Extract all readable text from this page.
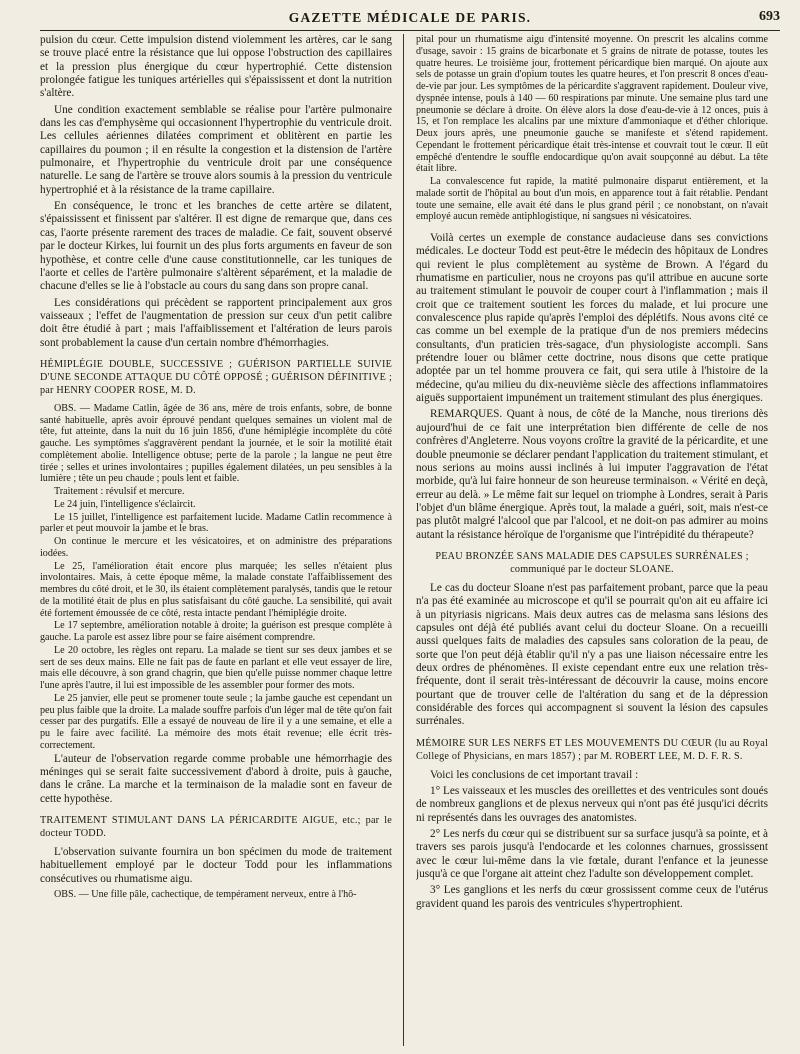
GAZETTE MÉDICALE DE PARIS.	693

pulsion du cœur. Cette impulsion distend violemment les artères, car le sang se trouve placé entre la résistance que lui oppose l'obstruction des capillaires et la pression plus énergique du cœur hypertrophié. Cette distension prolongée fatigue les tuniques artérielles qui s'épaississent et dont la nutrition s'altère.

Une condition exactement semblable se réalise pour l'artère pulmonaire dans les cas d'emphysème qui occasionnent l'hypertrophie du ventricule droit. Les cellules aériennes dilatées compriment et oblitèrent en partie les capillaires du poumon ; il en résulte la congestion et la distension de l'artère pulmonaire, et l'hypertrophie du ventricule droit par une conséquence naturelle. Le sang de l'artère se trouve alors soumis à la pression du ventricule hypertrophié et à la résistance de la trame capillaire.

En conséquence, le tronc et les branches de cette artère se dilatent, s'épaississent et finissent par s'altérer. Il est digne de remarque que, dans ces cas, l'aorte présente rarement des traces de maladie. Ce fait, souvent observé par le docteur Kirkes, lui fournit un des plus forts arguments en faveur de son hypothèse, et contre celle d'une cause constitutionnelle, car les tuniques de l'aorte et celles de l'artère pulmonaire s'altèrent séparément, et la maladie de chacune d'elles se lie à l'obstacle au cours du sang dans son propre canal.

Les considérations qui précèdent se rapportent principalement aux gros vaisseaux ; l'effet de l'augmentation de pression sur ceux d'un petit calibre doit être étudié à part ; mais l'affaiblissement et l'altération de leurs parois sont probablement la cause d'un certain nombre d'hémorrhagies.

HÉMIPLÉGIE DOUBLE, SUCCESSIVE ; GUÉRISON PARTIELLE SUIVIE D'UNE SECONDE ATTAQUE DU CÔTÉ OPPOSÉ ; GUÉRISON DÉFINITIVE ; par HENRY COOPER ROSE, M. D.

OBS. — Madame Catlin, âgée de 36 ans, mère de trois enfants, sobre, de bonne santé habituelle, après avoir éprouvé pendant quelques semaines un violent mal de tête, fut atteinte, dans la nuit du 16 juin 1856, d'une hémiplégie incomplète du côté gauche. Les symptômes s'aggravèrent pendant la journée, et le soir la motilité était complètement abolie. Intelligence obtuse; perte de la parole ; la langue ne peut être tirée ; selles et urines involontaires ; pupilles également dilatées, un peu sensibles à la lumière ; tête un peu chaude ; pouls lent et faible.

Traitement : révulsif et mercure.

Le 24 juin, l'intelligence s'éclaircit.

Le 15 juillet, l'intelligence est parfaitement lucide. Madame Catlin recommence à parler et peut mouvoir la jambe et le bras.

On continue le mercure et les vésicatoires, et on administre des préparations iodées.

Le 25, l'amélioration était encore plus marquée; les selles n'étaient plus involontaires. Mais, à cette époque même, la malade constate l'affaiblissement des membres du côté droit, et le 30, ils étaient complètement paralysés, tandis que le retour de la motilité était de plus en plus satisfaisant du côté gauche. La sensibilité, qui avait été fortement émoussée de ce côté, resta intacte pendant l'hémiplégie droite.

Le 17 septembre, amélioration notable à droite; la guérison est presque complète à gauche. La parole est assez libre pour se faire aisément comprendre.

Le 20 octobre, les règles ont reparu. La malade se tient sur ses deux jambes et se sert de ses deux mains. Elle ne fait pas de faute en parlant et elle veut essayer de lire, mais elle découvre, à son grand chagrin, que bien qu'elle puisse nommer chaque lettre l'une après l'autre, il lui est impossible de les assembler pour former des mots.

Le 25 janvier, elle peut se promener toute seule ; la jambe gauche est cependant un peu plus faible que la droite. La malade souffre parfois d'un léger mal de tête qu'on fait cesser par des purgatifs. Elle a essayé de nouveau de lire il y a une semaine, et elle a pu le faire avec facilité. La mémoire des mots était revenue; elle écrit très-correctement.

L'auteur de l'observation regarde comme probable une hémorrhagie des méninges qui se serait faite successivement d'abord à droite, puis à gauche, dans le crâne. La marche et la terminaison de la maladie sont en faveur de cette hypothèse.

TRAITEMENT STIMULANT DANS LA PÉRICARDITE AIGUE, etc.; par le docteur TODD.

L'observation suivante fournira un bon spécimen du mode de traitement habituellement employé par le docteur Todd pour les inflammations consécutives ou rhumatisme aigu.

OBS. — Une fille pâle, cachectique, de tempérament nerveux, entre à l'hô-

pital pour un rhumatisme aigu d'intensité moyenne. On prescrit les alcalins comme d'usage, savoir : 15 grains de bicarbonate et 5 grains de nitrate de potasse, toutes les quatre heures. Le troisième jour, frottement péricardique bien marqué. On ajoute aux sels de potasse un grain d'opium toutes les quatre heures, et l'on prescrit 8 onces d'eau-de-vie par jour. Les symptômes de la péricardite s'aggravent rapidement. Douleur vive, dyspnée intense, pouls à 140 — 60 respirations par minute. Une semaine plus tard une pneumonie se déclare à droite. On élève alors la dose d'eau-de-vie à 12 onces, puis à 15, et l'on remplace les alcalins par une mixture d'ammoniaque et d'éther chlorique. Deux jours après, une pneumonie gauche se manifeste et s'étend rapidement. Cependant le frottement péricardique était très-intense et couvrait tout le cœur. Il eût empêché d'entendre le souffle endocardique qu'on avait soupçonné au début. La tête était libre.

La convalescence fut rapide, la matité pulmonaire disparut entièrement, et la malade sortit de l'hôpital au bout d'un mois, en apparence tout à fait rétablie. Pendant toute une semaine, elle avait été dans le plus grand péril ; ce nonobstant, on n'avait employé aucun remède antiphlogistique, ni sangsues ni vésicatoires.

Voilà certes un exemple de constance audacieuse dans ses convictions médicales. Le docteur Todd est peut-être le médecin des hôpitaux de Londres qui revient le plus complètement au système de Brown. A l'égard du rhumatisme en particulier, nous ne croyons pas qu'il attribue en aucune sorte au traitement stimulant le pouvoir de couper court à l'inflammation ; mais il croit que ce traitement soutient les forces du malade, et lui procure une convalescence plus rapide qu'après l'emploi des déplétifs. Nous avons cité ce cas comme un bel exemple de la pratique d'un de nos premiers médecins consultants, d'un praticien très-sagace, d'un physiologiste accompli. Sans prétendre louer ou blâmer cette doctrine, nous disons que cette pratique adoptée par un tel homme prouvera ce fait, qui sera utile à l'histoire de la médecine, qu'au milieu du dix-neuvième siècle des affections inflammatoires aiguës supportaient impunément un traitement stimulant des plus énergiques.

REMARQUES. Quant à nous, de côté de la Manche, nous tirerions dès aujourd'hui de ce fait une interprétation bien différente de celle de nos confrères d'Angleterre. Nous voyons croître la gravité de la péricardite, et une double pneumonie se déclarer pendant l'application du traitement stimulant, et nous serions au moins aussi inclinés à lui imputer l'aggravation de l'état morbide, qu'à lui faire honneur de son heureuse terminaison. « Vérité en deçà, erreur au delà. » Le même fait sur lequel on triomphe à Londres, serait à Paris l'objet d'un blâme énergique. Après tout, la malade a guéri, soit, mais n'est-ce pas plutôt malgré l'alcool que par l'alcool, et ne doit-on pas admirer au moins autant la résistance héroïque de l'organisme que l'intrépidité du thérapeute?

PEAU BRONZÉE SANS MALADIE DES CAPSULES SURRÉNALES ; communiqué par le docteur SLOANE.

Le cas du docteur Sloane n'est pas parfaitement probant, parce que la peau n'a pas été examinée au microscope et qu'il se pourrait qu'on ait eu affaire ici à un pityriasis nigricans. Mais deux autres cas de melasma sans lésions des capsules ont déjà été publiés avant celui du docteur Sloane. On a recueilli aussi quelques faits de maladies des capsules sans coloration de la peau, de sorte que l'on peut déjà établir qu'il n'y a pas une liaison nécessaire entre les deux ordres de phénomènes. Il existe cependant entre eux une relation très-fréquente, dont il serait très-intéressant de découvrir la cause, moins encore pourtant que de trouver celle de l'altération du sang et de la dépression considérable des forces qui accompagnent si souvent la lésion des capsules surrénales.

MÉMOIRE SUR LES NERFS ET LES MOUVEMENTS DU CŒUR (lu au Royal College of Physicians, en mars 1857) ; par M. ROBERT LEE, M. D. F. R. S.

Voici les conclusions de cet important travail :

1° Les vaisseaux et les muscles des oreillettes et des ventricules sont doués de nombreux ganglions et de plexus nerveux qui n'ont pas été jusqu'ici décrits ni représentés dans les ouvrages des anatomistes.

2° Les nerfs du cœur qui se distribuent sur sa surface jusqu'à sa pointe, et à travers ses parois jusqu'à l'endocarde et les colonnes charnues, grossissent avec le cœur lui-même dans la vie fœtale, durant l'enfance et la jeunesse jusqu'à ce que l'organe ait atteint chez l'adulte son développement complet.

3° Les ganglions et les nerfs du cœur grossissent comme ceux de l'utérus gravident quand les parois des ventricules s'hypertrophient.
